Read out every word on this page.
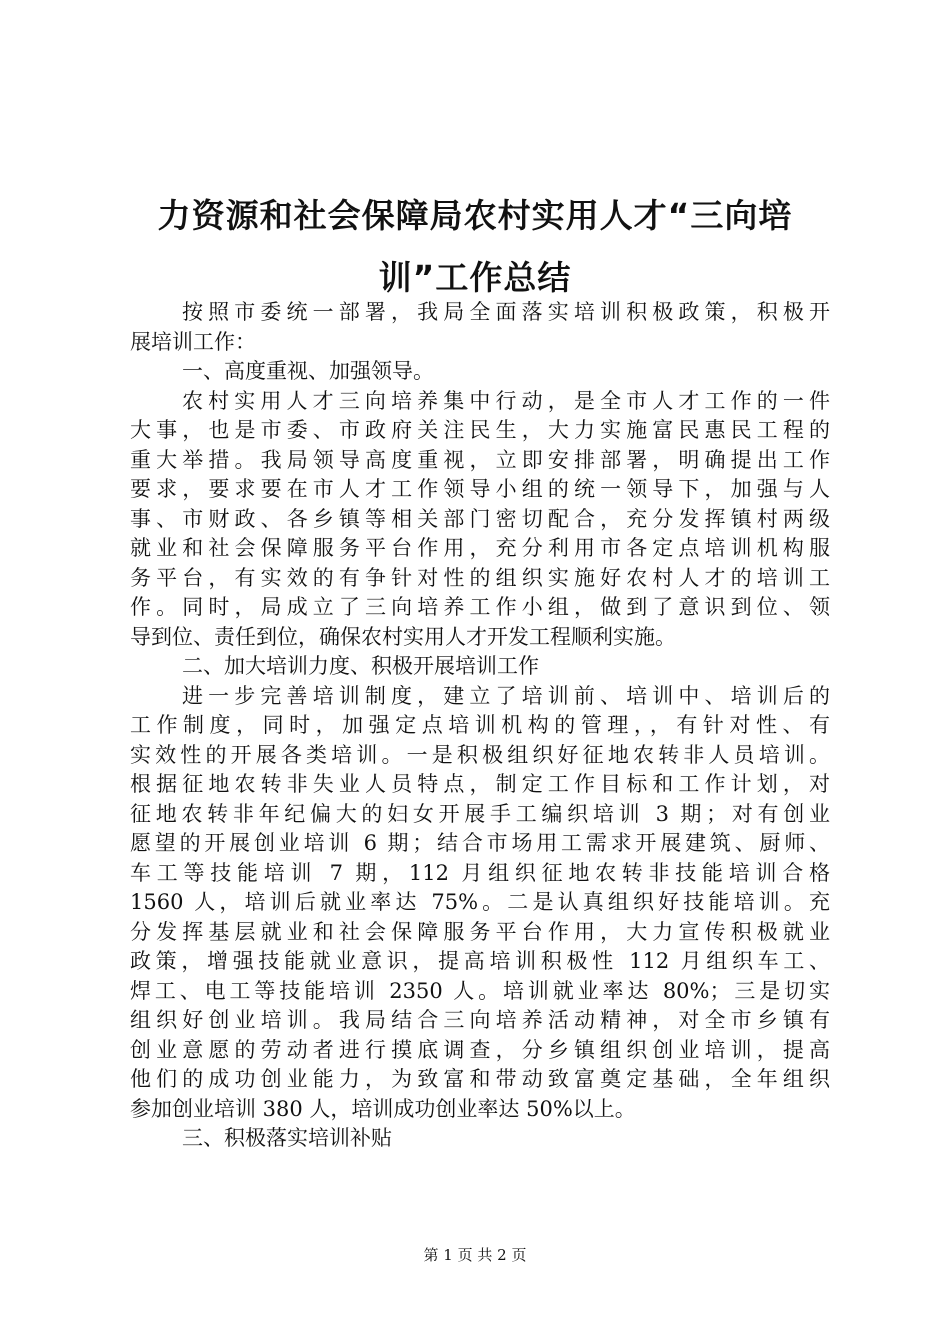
力资源和社会保障局农村实用人才“三向培
训”工作总结
按照市委统一部署，我局全面落实培训积极政策，积极开
展培训工作：
一、高度重视、加强领导。
农村实用人才三向培养集中行动，是全市人才工作的一件
大事，也是市委、市政府关注民生，大力实施富民惠民工程的
重大举措。我局领导高度重视，立即安排部署，明确提出工作
要求，要求要在市人才工作领导小组的统一领导下，加强与人
事、市财政、各乡镇等相关部门密切配合，充分发挥镇村两级
就业和社会保障服务平台作用，充分利用市各定点培训机构服
务平台，有实效的有争针对性的组织实施好农村人才的培训工
作。同时，局成立了三向培养工作小组，做到了意识到位、领
导到位、责任到位，确保农村实用人才开发工程顺利实施。
二、加大培训力度、积极开展培训工作
进一步完善培训制度，建立了培训前、培训中、培训后的
工作制度，同时，加强定点培训机构的管理，，有针对性、有
实效性的开展各类培训。一是积极组织好征地农转非人员培训。
根据征地农转非失业人员特点，制定工作目标和工作计划，对
征地农转非年纪偏大的妇女开展手工编织培训 3 期；对有创业
愿望的开展创业培训 6 期；结合市场用工需求开展建筑、厨师、
车工等技能培训 7 期，112 月组织征地农转非技能培训合格
1560 人，培训后就业率达 75%。二是认真组织好技能培训。充
分发挥基层就业和社会保障服务平台作用，大力宣传积极就业
政策，增强技能就业意识，提高培训积极性 112 月组织车工、
焊工、电工等技能培训 2350 人。培训就业率达 80%；三是切实
组织好创业培训。我局结合三向培养活动精神，对全市乡镇有
创业意愿的劳动者进行摸底调查，分乡镇组织创业培训，提高
他们的成功创业能力，为致富和带动致富奠定基础，全年组织
参加创业培训 380 人，培训成功创业率达 50%以上。
三、积极落实培训补贴
第 1 页 共 2 页
